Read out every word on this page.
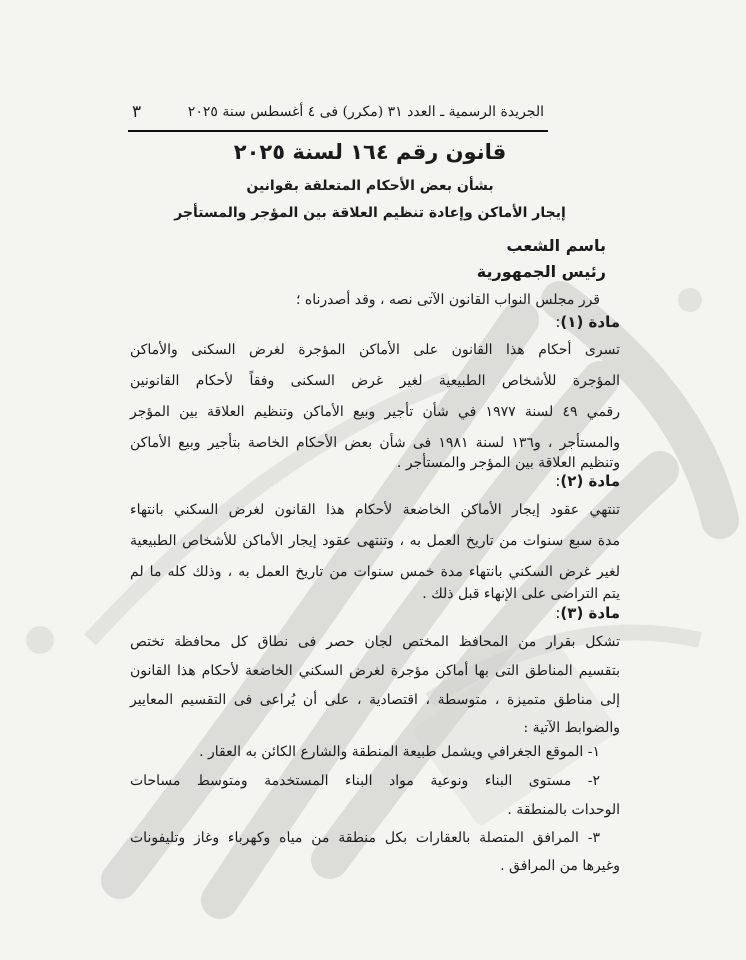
الجريدة الرسمية ـ العدد ٣١ (مكرر) فى ٤ أغسطس سنة ٢٠٢٥
٣
قانون رقم ١٦٤ لسنة ٢٠٢٥
بشأن بعض الأحكام المتعلقة بقوانين
إيجار الأماكن وإعادة تنظيم العلاقة بين المؤجر والمستأجر
باسم الشعب
رئيس الجمهورية
قرر مجلس النواب القانون الآتى نصه ، وقد أصدرناه ؛
مادة (١):
تسرى أحكام هذا القانون على الأماكن المؤجرة لغرض السكنى والأماكن
المؤجرة للأشخاص الطبيعية لغير غرض السكنى وفقاً لأحكام القانونين
رقمي ٤٩ لسنة ١٩٧٧ في شأن تأجير وبيع الأماكن وتنظيم العلاقة بين المؤجر
والمستأجر ، و١٣٦ لسنة ١٩٨١ فى شأن بعض الأحكام الخاصة بتأجير وبيع الأماكن
وتنظيم العلاقة بين المؤجر والمستأجر .
مادة (٢):
تنتهي عقود إيجار الأماكن الخاضعة لأحكام هذا القانون لغرض السكني بانتهاء
مدة سبع سنوات من تاريخ العمل به ، وتنتهى عقود إيجار الأماكن للأشخاص الطبيعية
لغير غرض السكني بانتهاء مدة خمس سنوات من تاريخ العمل به ، وذلك كله ما لم
يتم التراضى على الإنهاء قبل ذلك .
مادة (٣):
تشكل بقرار من المحافظ المختص لجان حصر فى نطاق كل محافظة تختص
بتقسيم المناطق التى بها أماكن مؤجرة لغرض السكني الخاضعة لأحكام هذا القانون
إلى مناطق متميزة ، متوسطة ، اقتصادية ، على أن يُراعى فى التقسيم المعايير
والضوابط الآتية :
١- الموقع الجغرافي ويشمل طبيعة المنطقة والشارع الكائن به العقار .
٢- مستوى البناء ونوعية مواد البناء المستخدمة ومتوسط مساحات
الوحدات بالمنطقة .
٣- المرافق المتصلة بالعقارات بكل منطقة من مياه وكهرباء وغاز وتليفونات
وغيرها من المرافق .
